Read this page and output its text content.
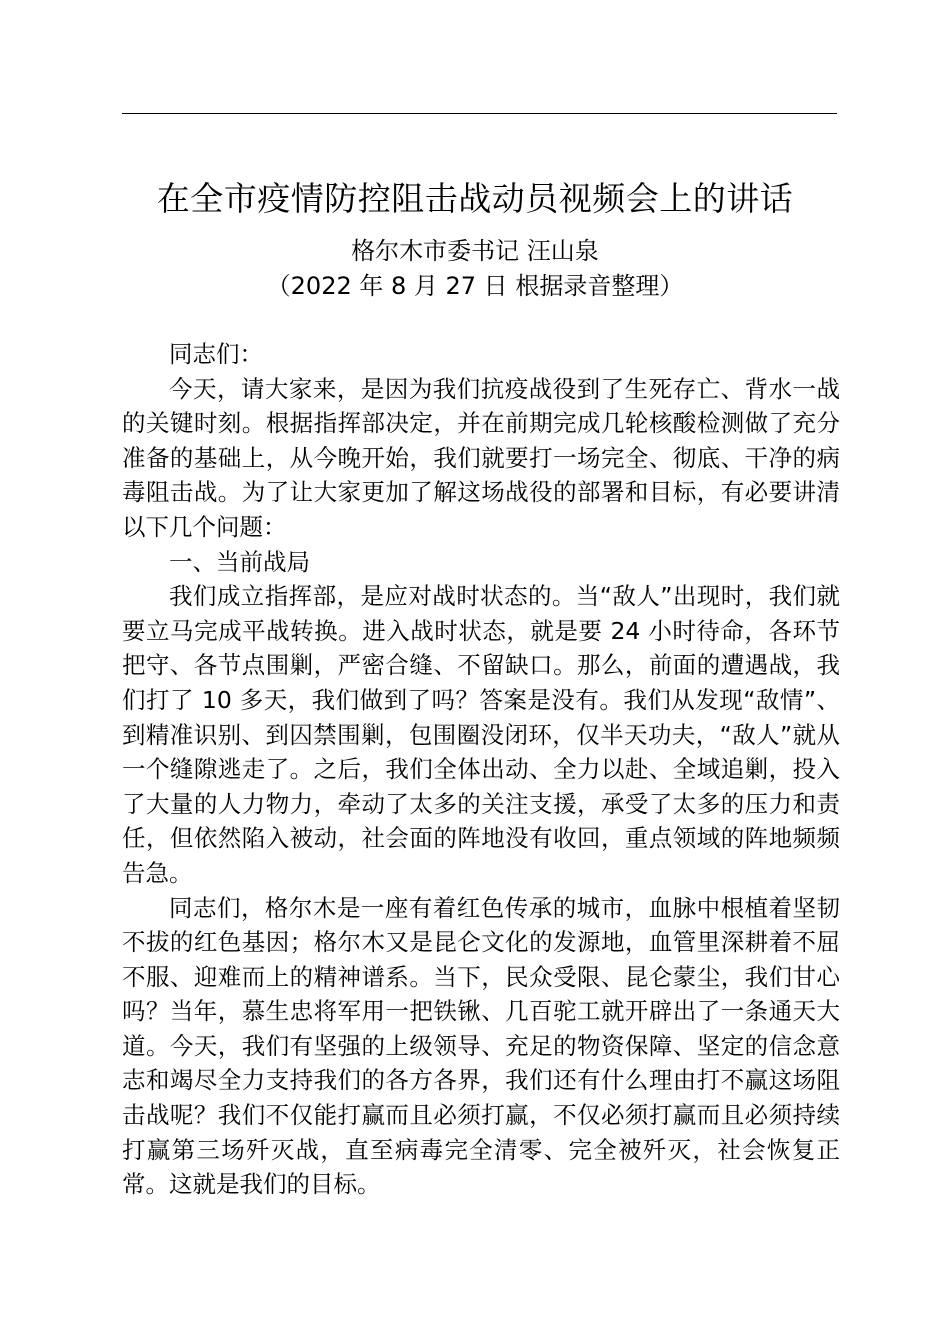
在全市疫情防控阻击战动员视频会上的讲话
格尔木市委书记 汪山泉
（2022 年 8 月 27 日 根据录音整理）

同志们：

今天，请大家来，是因为我们抗疫战役到了生死存亡、背水一战的关键时刻。根据指挥部决定，并在前期完成几轮核酸检测做了充分准备的基础上，从今晚开始，我们就要打一场完全、彻底、干净的病毒阻击战。为了让大家更加了解这场战役的部署和目标，有必要讲清以下几个问题：

一、当前战局

我们成立指挥部，是应对战时状态的。当“敌人”出现时，我们就要立马完成平战转换。进入战时状态，就是要 24 小时待命，各环节把守、各节点围剿，严密合缝、不留缺口。那么，前面的遭遇战，我们打了 10 多天，我们做到了吗？答案是没有。我们从发现“敌情”、到精准识别、到囚禁围剿，包围圈没闭环，仅半天功夫，“敌人”就从一个缝隙逃走了。之后，我们全体出动、全力以赴、全域追剿，投入了大量的人力物力，牵动了太多的关注支援，承受了太多的压力和责任，但依然陷入被动，社会面的阵地没有收回，重点领域的阵地频频告急。

同志们，格尔木是一座有着红色传承的城市，血脉中根植着坚韧不拔的红色基因；格尔木又是昆仑文化的发源地，血管里深耕着不屈不服、迎难而上的精神谱系。当下，民众受限、昆仑蒙尘，我们甘心吗？当年，慕生忠将军用一把铁锹、几百驼工就开辟出了一条通天大道。今天，我们有坚强的上级领导、充足的物资保障、坚定的信念意志和竭尽全力支持我们的各方各界，我们还有什么理由打不赢这场阻击战呢？我们不仅能打赢而且必须打赢，不仅必须打赢而且必须持续打赢第三场歼灭战，直至病毒完全清零、完全被歼灭，社会恢复正常。这就是我们的目标。
